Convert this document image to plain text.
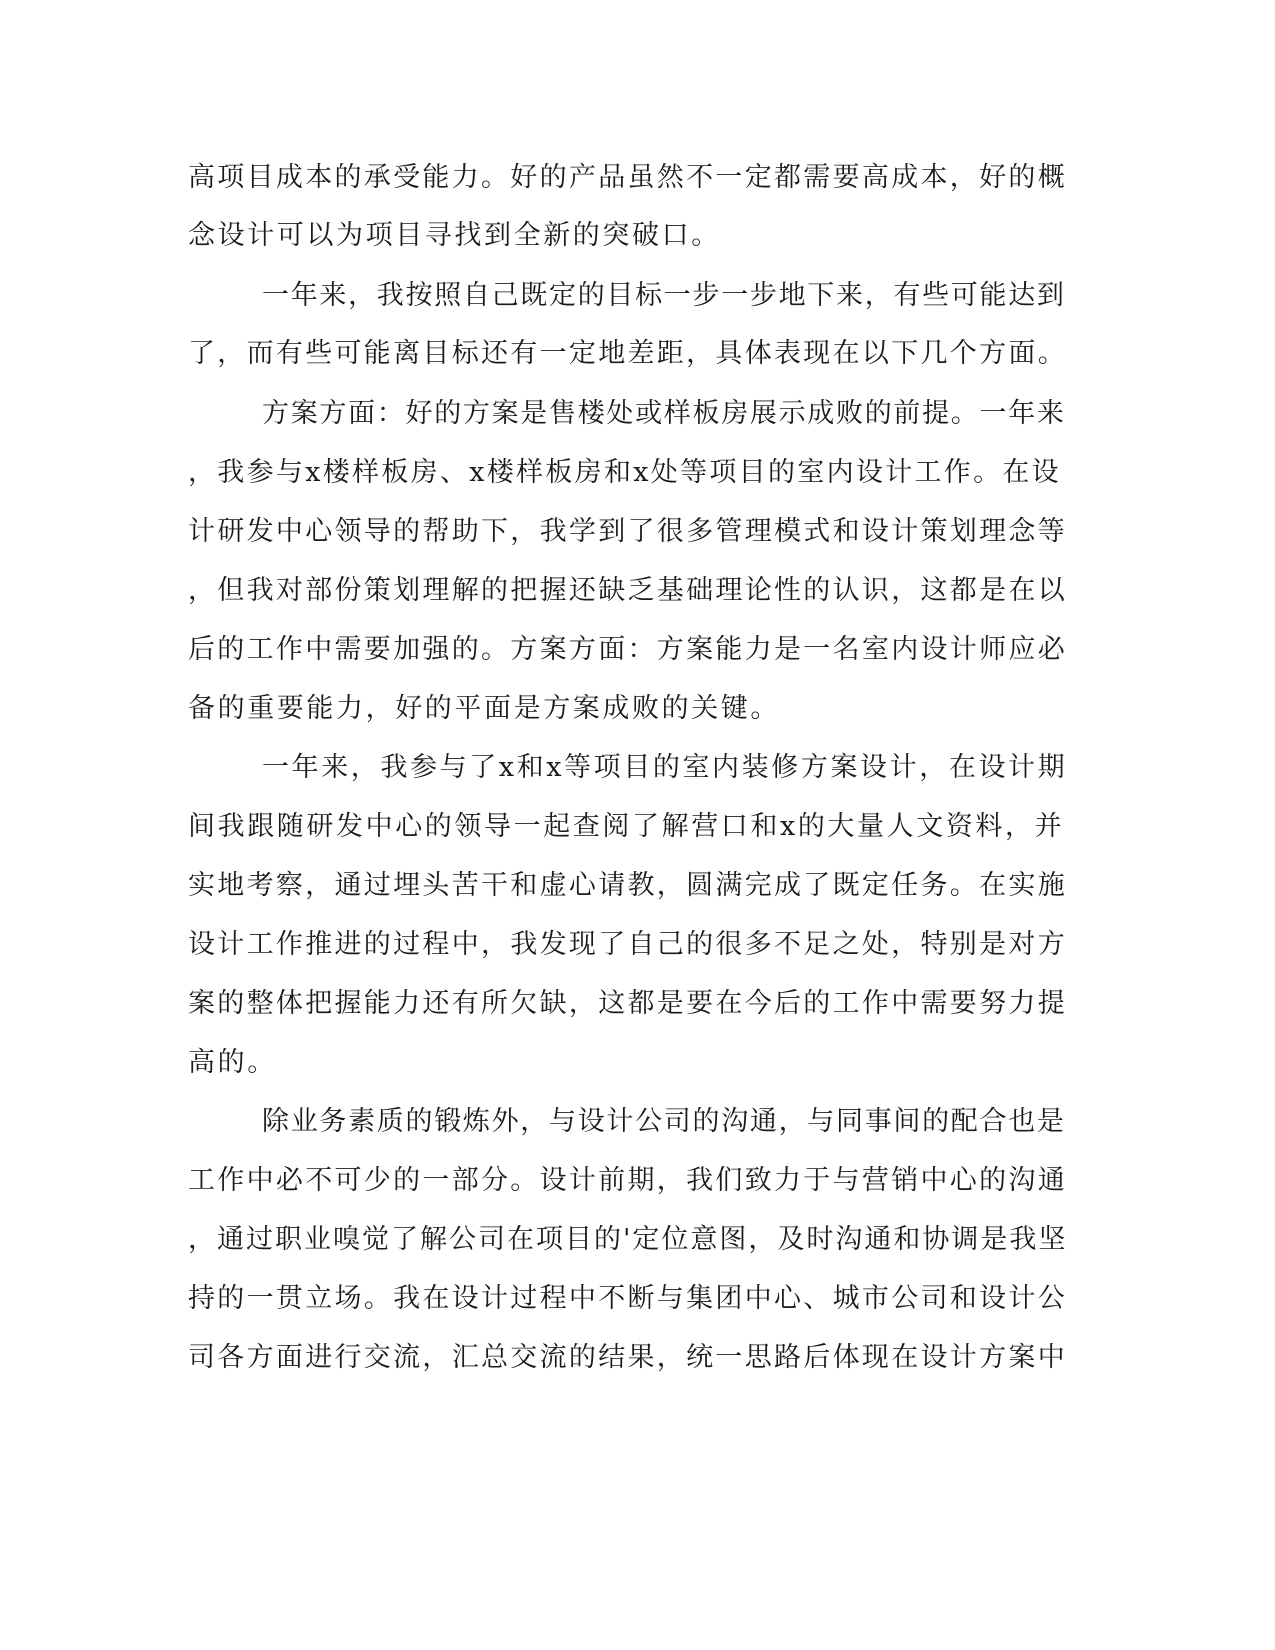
高项目成本的承受能力。好的产品虽然不一定都需要高成本，好的概
念设计可以为项目寻找到全新的突破口。
一年来，我按照自己既定的目标一步一步地下来，有些可能达到
了，而有些可能离目标还有一定地差距，具体表现在以下几个方面。
方案方面：好的方案是售楼处或样板房展示成败的前提。一年来
，我参与x楼样板房、x楼样板房和x处等项目的室内设计工作。在设
计研发中心领导的帮助下，我学到了很多管理模式和设计策划理念等
，但我对部份策划理解的把握还缺乏基础理论性的认识，这都是在以
后的工作中需要加强的。方案方面：方案能力是一名室内设计师应必
备的重要能力，好的平面是方案成败的关键。
一年来，我参与了x和x等项目的室内装修方案设计，在设计期
间我跟随研发中心的领导一起查阅了解营口和x的大量人文资料，并
实地考察，通过埋头苦干和虚心请教，圆满完成了既定任务。在实施
设计工作推进的过程中，我发现了自己的很多不足之处，特别是对方
案的整体把握能力还有所欠缺，这都是要在今后的工作中需要努力提
高的。
除业务素质的锻炼外，与设计公司的沟通，与同事间的配合也是
工作中必不可少的一部分。设计前期，我们致力于与营销中心的沟通
，通过职业嗅觉了解公司在项目的'定位意图，及时沟通和协调是我坚
持的一贯立场。我在设计过程中不断与集团中心、城市公司和设计公
司各方面进行交流，汇总交流的结果，统一思路后体现在设计方案中
